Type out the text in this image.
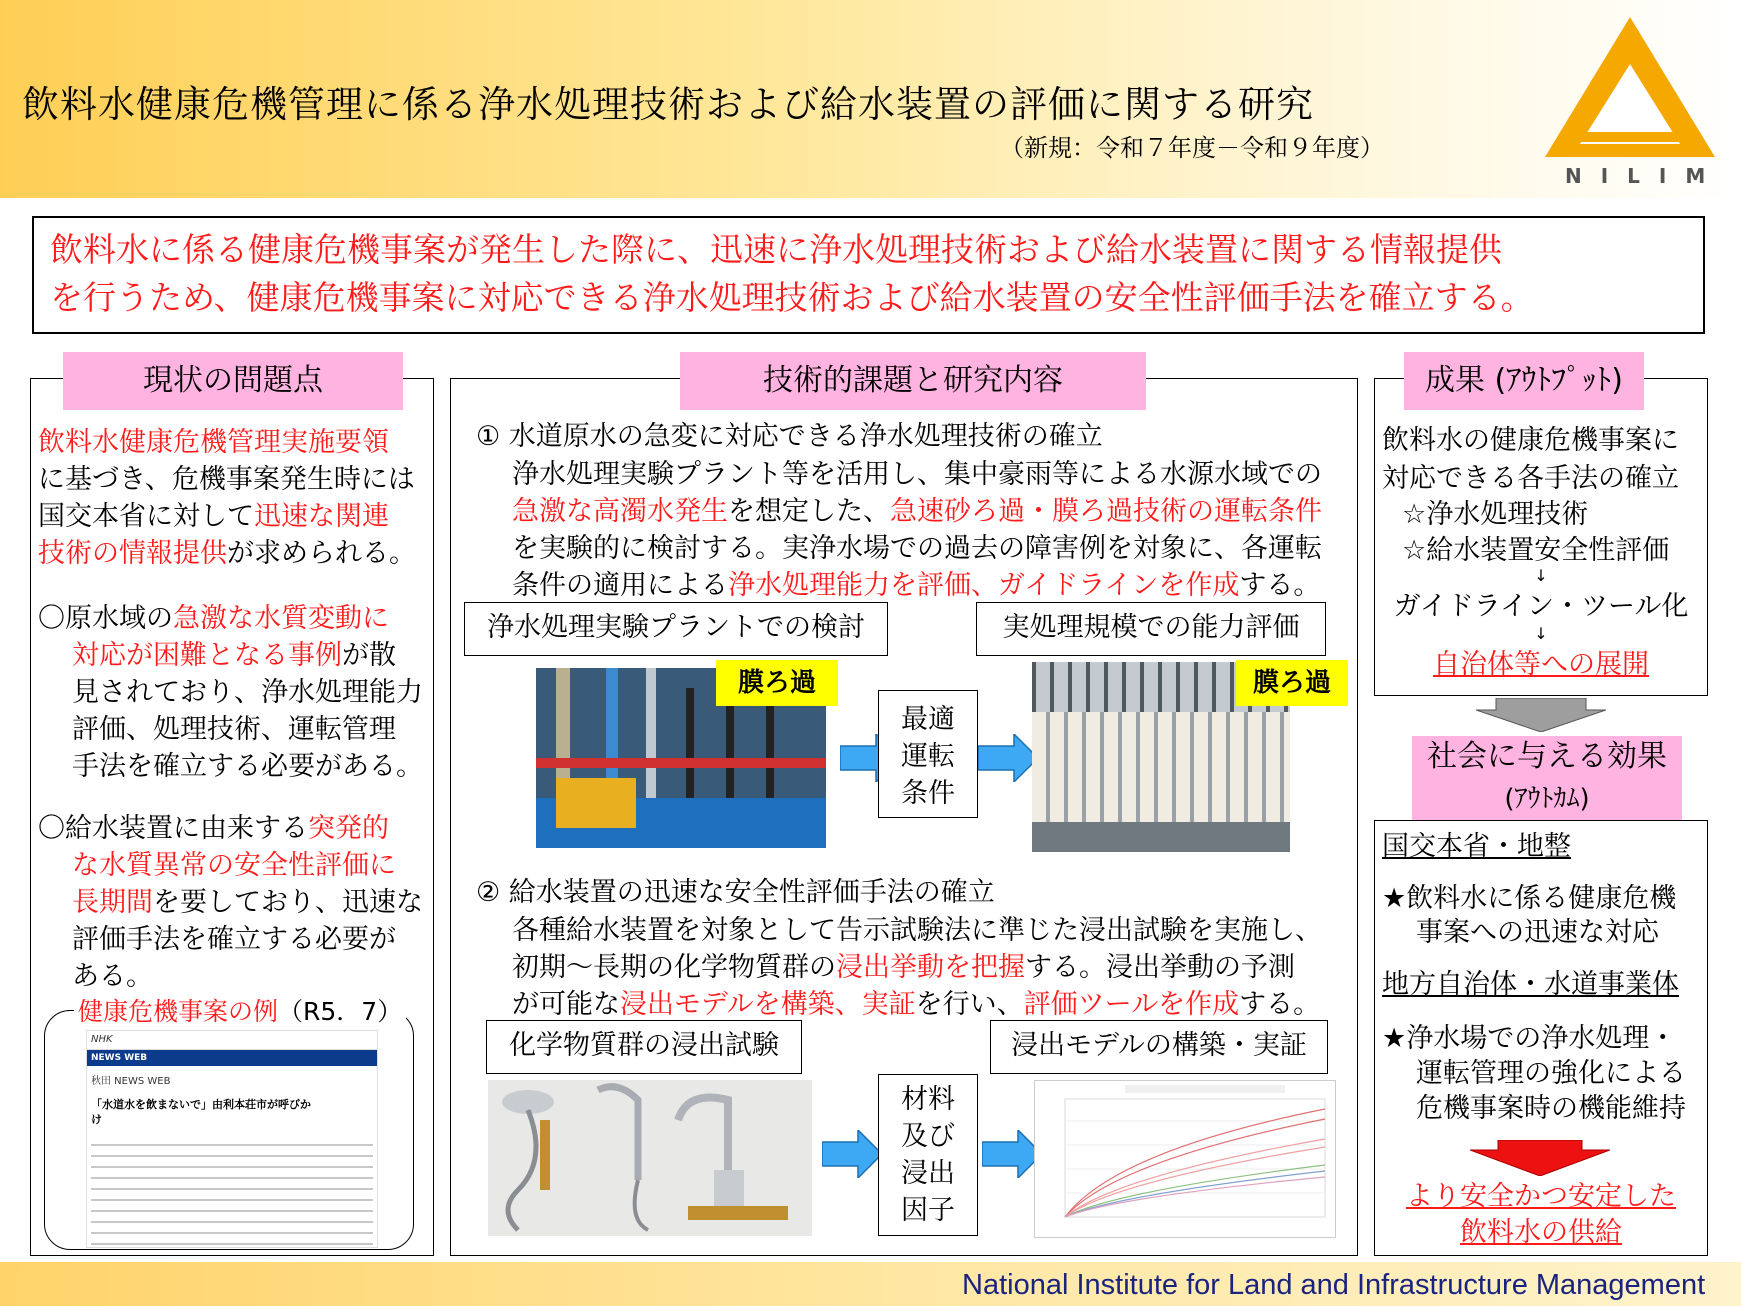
飲料水健康危機管理に係る浄水処理技術および給水装置の評価に関する研究
（新規：令和７年度－令和９年度）
NILIM
飲料水に係る健康危機事案が発生した際に、迅速に浄水処理技術および給水装置に関する情報提供
を行うため、健康危機事案に対応できる浄水処理技術および給水装置の安全性評価手法を確立する。
現状の問題点
飲料水健康危機管理実施要領
に基づき、危機事案発生時には
国交本省に対して迅速な関連
技術の情報提供が求められる。
〇原水域の急激な水質変動に
対応が困難となる事例が散
見されており、浄水処理能力
評価、処理技術、運転管理
手法を確立する必要がある。
〇給水装置に由来する突発的
な水質異常の安全性評価に
長期間を要しており、迅速な
評価手法を確立する必要が
ある。
健康危機事案の例（R5．7）
NHK
NEWS WEB
秋田 NEWS WEB
「水道水を飲まないで」由利本荘市が呼びか
け
技術的課題と研究内容
① 水道原水の急変に対応できる浄水処理技術の確立
浄水処理実験プラント等を活用し、集中豪雨等による水源水域での
急激な高濁水発生を想定した、急速砂ろ過・膜ろ過技術の運転条件
を実験的に検討する。実浄水場での過去の障害例を対象に、各運転
条件の適用による浄水処理能力を評価、ガイドラインを作成する。
浄水処理実験プラントでの検討	実処理規模での能力評価
膜ろ過
最適
運転
条件
膜ろ過
② 給水装置の迅速な安全性評価手法の確立
各種給水装置を対象として告示試験法に準じた浸出試験を実施し、
初期～長期の化学物質群の浸出挙動を把握する。浸出挙動の予測
が可能な浸出モデルを構築、実証を行い、評価ツールを作成する。
化学物質群の浸出試験	浸出モデルの構築・実証
材料
及び
浸出
因子
成果 (ｱｳﾄﾌﾟｯﾄ)
飲料水の健康危機事案に
対応できる各手法の確立
☆浄水処理技術
☆給水装置安全性評価
↓
ガイドライン・ツール化
↓
自治体等への展開
社会に与える効果
(ｱｳﾄｶﾑ)
国交本省・地整
★飲料水に係る健康危機
事案への迅速な対応
地方自治体・水道事業体
★浄水場での浄水処理・
運転管理の強化による
危機事案時の機能維持
より安全かつ安定した
飲料水の供給
National Institute for Land and Infrastructure Management
